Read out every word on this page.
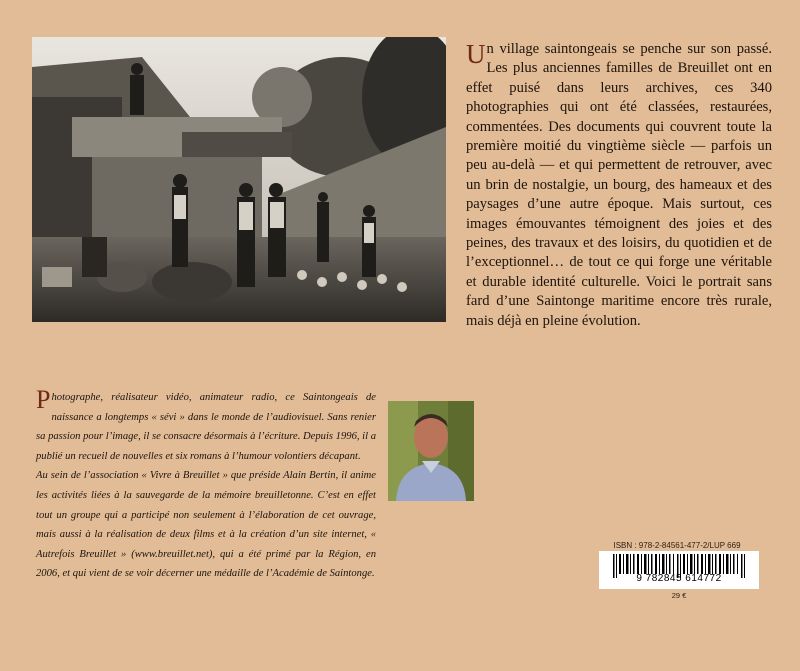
Un village saintongeais se penche sur son passé. Les plus anciennes familles de Breuillet ont en effet puisé dans leurs archives, ces 340 photographies qui ont été classées, restaurées, commentées. Des documents qui couvrent toute la première moitié du vingtième siècle — parfois un peu au-delà — et qui permettent de retrouver, avec un brin de nostalgie, un bourg, des hameaux et des paysages d’une autre époque. Mais surtout, ces images émouvantes témoignent des joies et des peines, des travaux et des loisirs, du quotidien et de l’exceptionnel… de tout ce qui forge une véritable et durable identité culturelle. Voici le portrait sans fard d’une Saintonge maritime encore très rurale, mais déjà en pleine évolution.

Photographe, réalisateur vidéo, animateur radio, ce Saintongeais de naissance a longtemps « sévi » dans le monde de l’audiovisuel. Sans renier sa passion pour l’image, il se consacre désormais à l’écriture. Depuis 1996, il a publié un recueil de nouvelles et six romans à l’humour volontiers décapant.

Au sein de l’association « Vivre à Breuillet » que préside Alain Bertin, il anime les activités liées à la sauvegarde de la mémoire breuilletonne. C’est en effet tout un groupe qui a participé non seulement à l’élaboration de cet ouvrage, mais aussi à la réalisation de deux films et à la création d’un site internet, « Autrefois Breuillet » (www.breuillet.net), qui a été primé par la Région, en 2006, et qui vient de se voir décerner une médaille de l’Académie de Saintonge.

ISBN : 978-2-84561-477-2/LUP 669

9 782845 614772

29 €
